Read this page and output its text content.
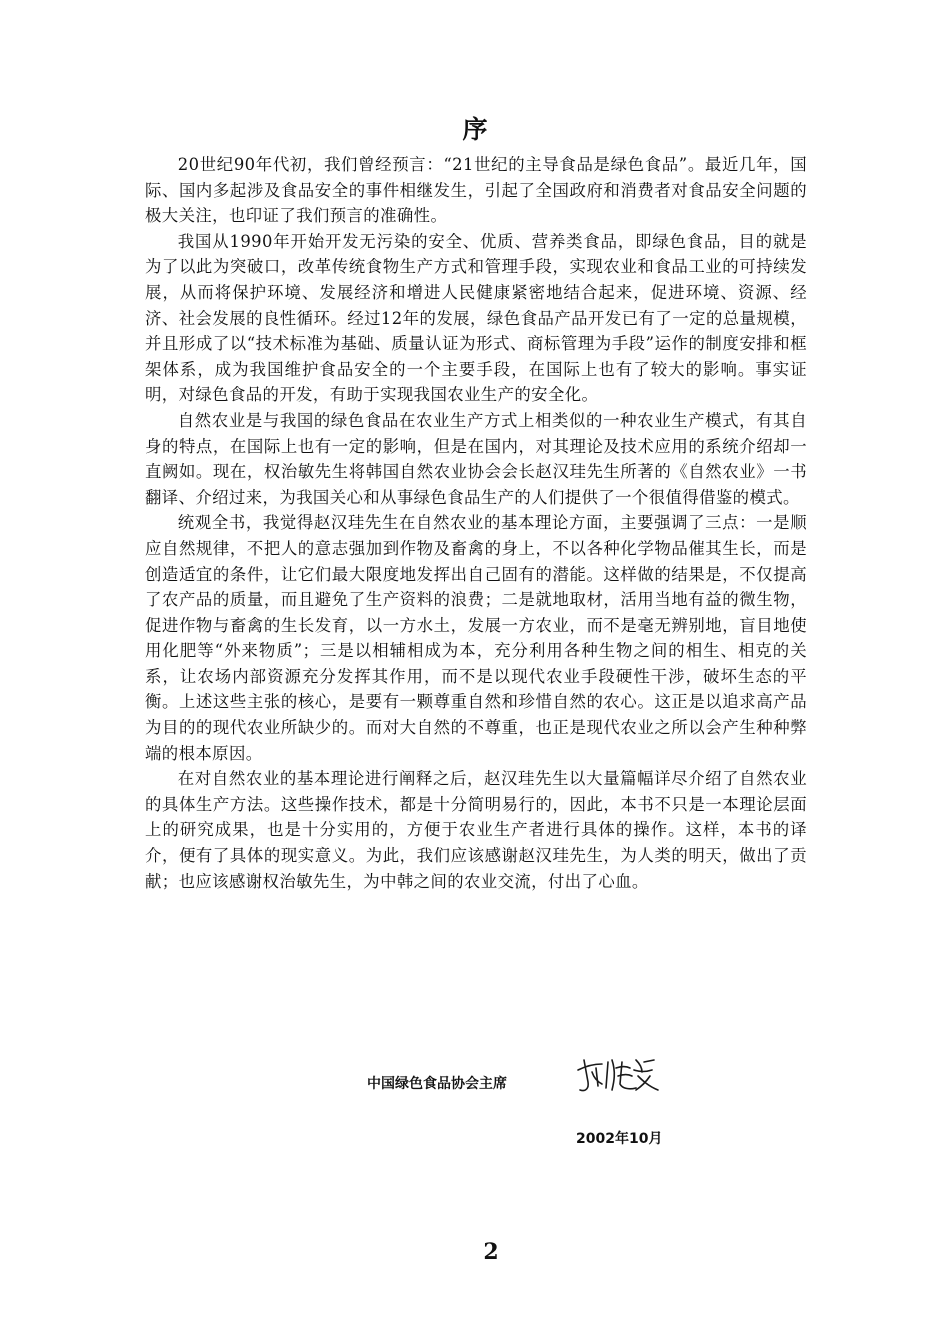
序

20世纪90年代初，我们曾经预言：“21世纪的主导食品是绿色食品”。最近几年，国际、国内多起涉及食品安全的事件相继发生，引起了全国政府和消费者对食品安全问题的极大关注，也印证了我们预言的准确性。

我国从1990年开始开发无污染的安全、优质、营养类食品，即绿色食品，目的就是为了以此为突破口，改革传统食物生产方式和管理手段，实现农业和食品工业的可持续发展，从而将保护环境、发展经济和增进人民健康紧密地结合起来，促进环境、资源、经济、社会发展的良性循环。经过12年的发展，绿色食品产品开发已有了一定的总量规模，并且形成了以“技术标准为基础、质量认证为形式、商标管理为手段”运作的制度安排和框架体系，成为我国维护食品安全的一个主要手段，在国际上也有了较大的影响。事实证明，对绿色食品的开发，有助于实现我国农业生产的安全化。

自然农业是与我国的绿色食品在农业生产方式上相类似的一种农业生产模式，有其自身的特点，在国际上也有一定的影响，但是在国内，对其理论及技术应用的系统介绍却一直阙如。现在，权治敏先生将韩国自然农业协会会长赵汉珪先生所著的《自然农业》一书翻译、介绍过来，为我国关心和从事绿色食品生产的人们提供了一个很值得借鉴的模式。

统观全书，我觉得赵汉珪先生在自然农业的基本理论方面，主要强调了三点：一是顺应自然规律，不把人的意志强加到作物及畜禽的身上，不以各种化学物品催其生长，而是创造适宜的条件，让它们最大限度地发挥出自己固有的潜能。这样做的结果是，不仅提高了农产品的质量，而且避免了生产资料的浪费；二是就地取材，活用当地有益的微生物，促进作物与畜禽的生长发育，以一方水土，发展一方农业，而不是毫无辨别地，盲目地使用化肥等“外来物质”；三是以相辅相成为本，充分利用各种生物之间的相生、相克的关系，让农场内部资源充分发挥其作用，而不是以现代农业手段硬性干涉，破坏生态的平衡。上述这些主张的核心，是要有一颗尊重自然和珍惜自然的农心。这正是以追求高产品为目的的现代农业所缺少的。而对大自然的不尊重，也正是现代农业之所以会产生种种弊端的根本原因。

在对自然农业的基本理论进行阐释之后，赵汉珪先生以大量篇幅详尽介绍了自然农业的具体生产方法。这些操作技术，都是十分简明易行的，因此，本书不只是一本理论层面上的研究成果，也是十分实用的，方便于农业生产者进行具体的操作。这样，本书的译介，便有了具体的现实意义。为此，我们应该感谢赵汉珪先生，为人类的明天，做出了贡献；也应该感谢权治敏先生，为中韩之间的农业交流，付出了心血。

中国绿色食品协会主席
2002年10月
2
